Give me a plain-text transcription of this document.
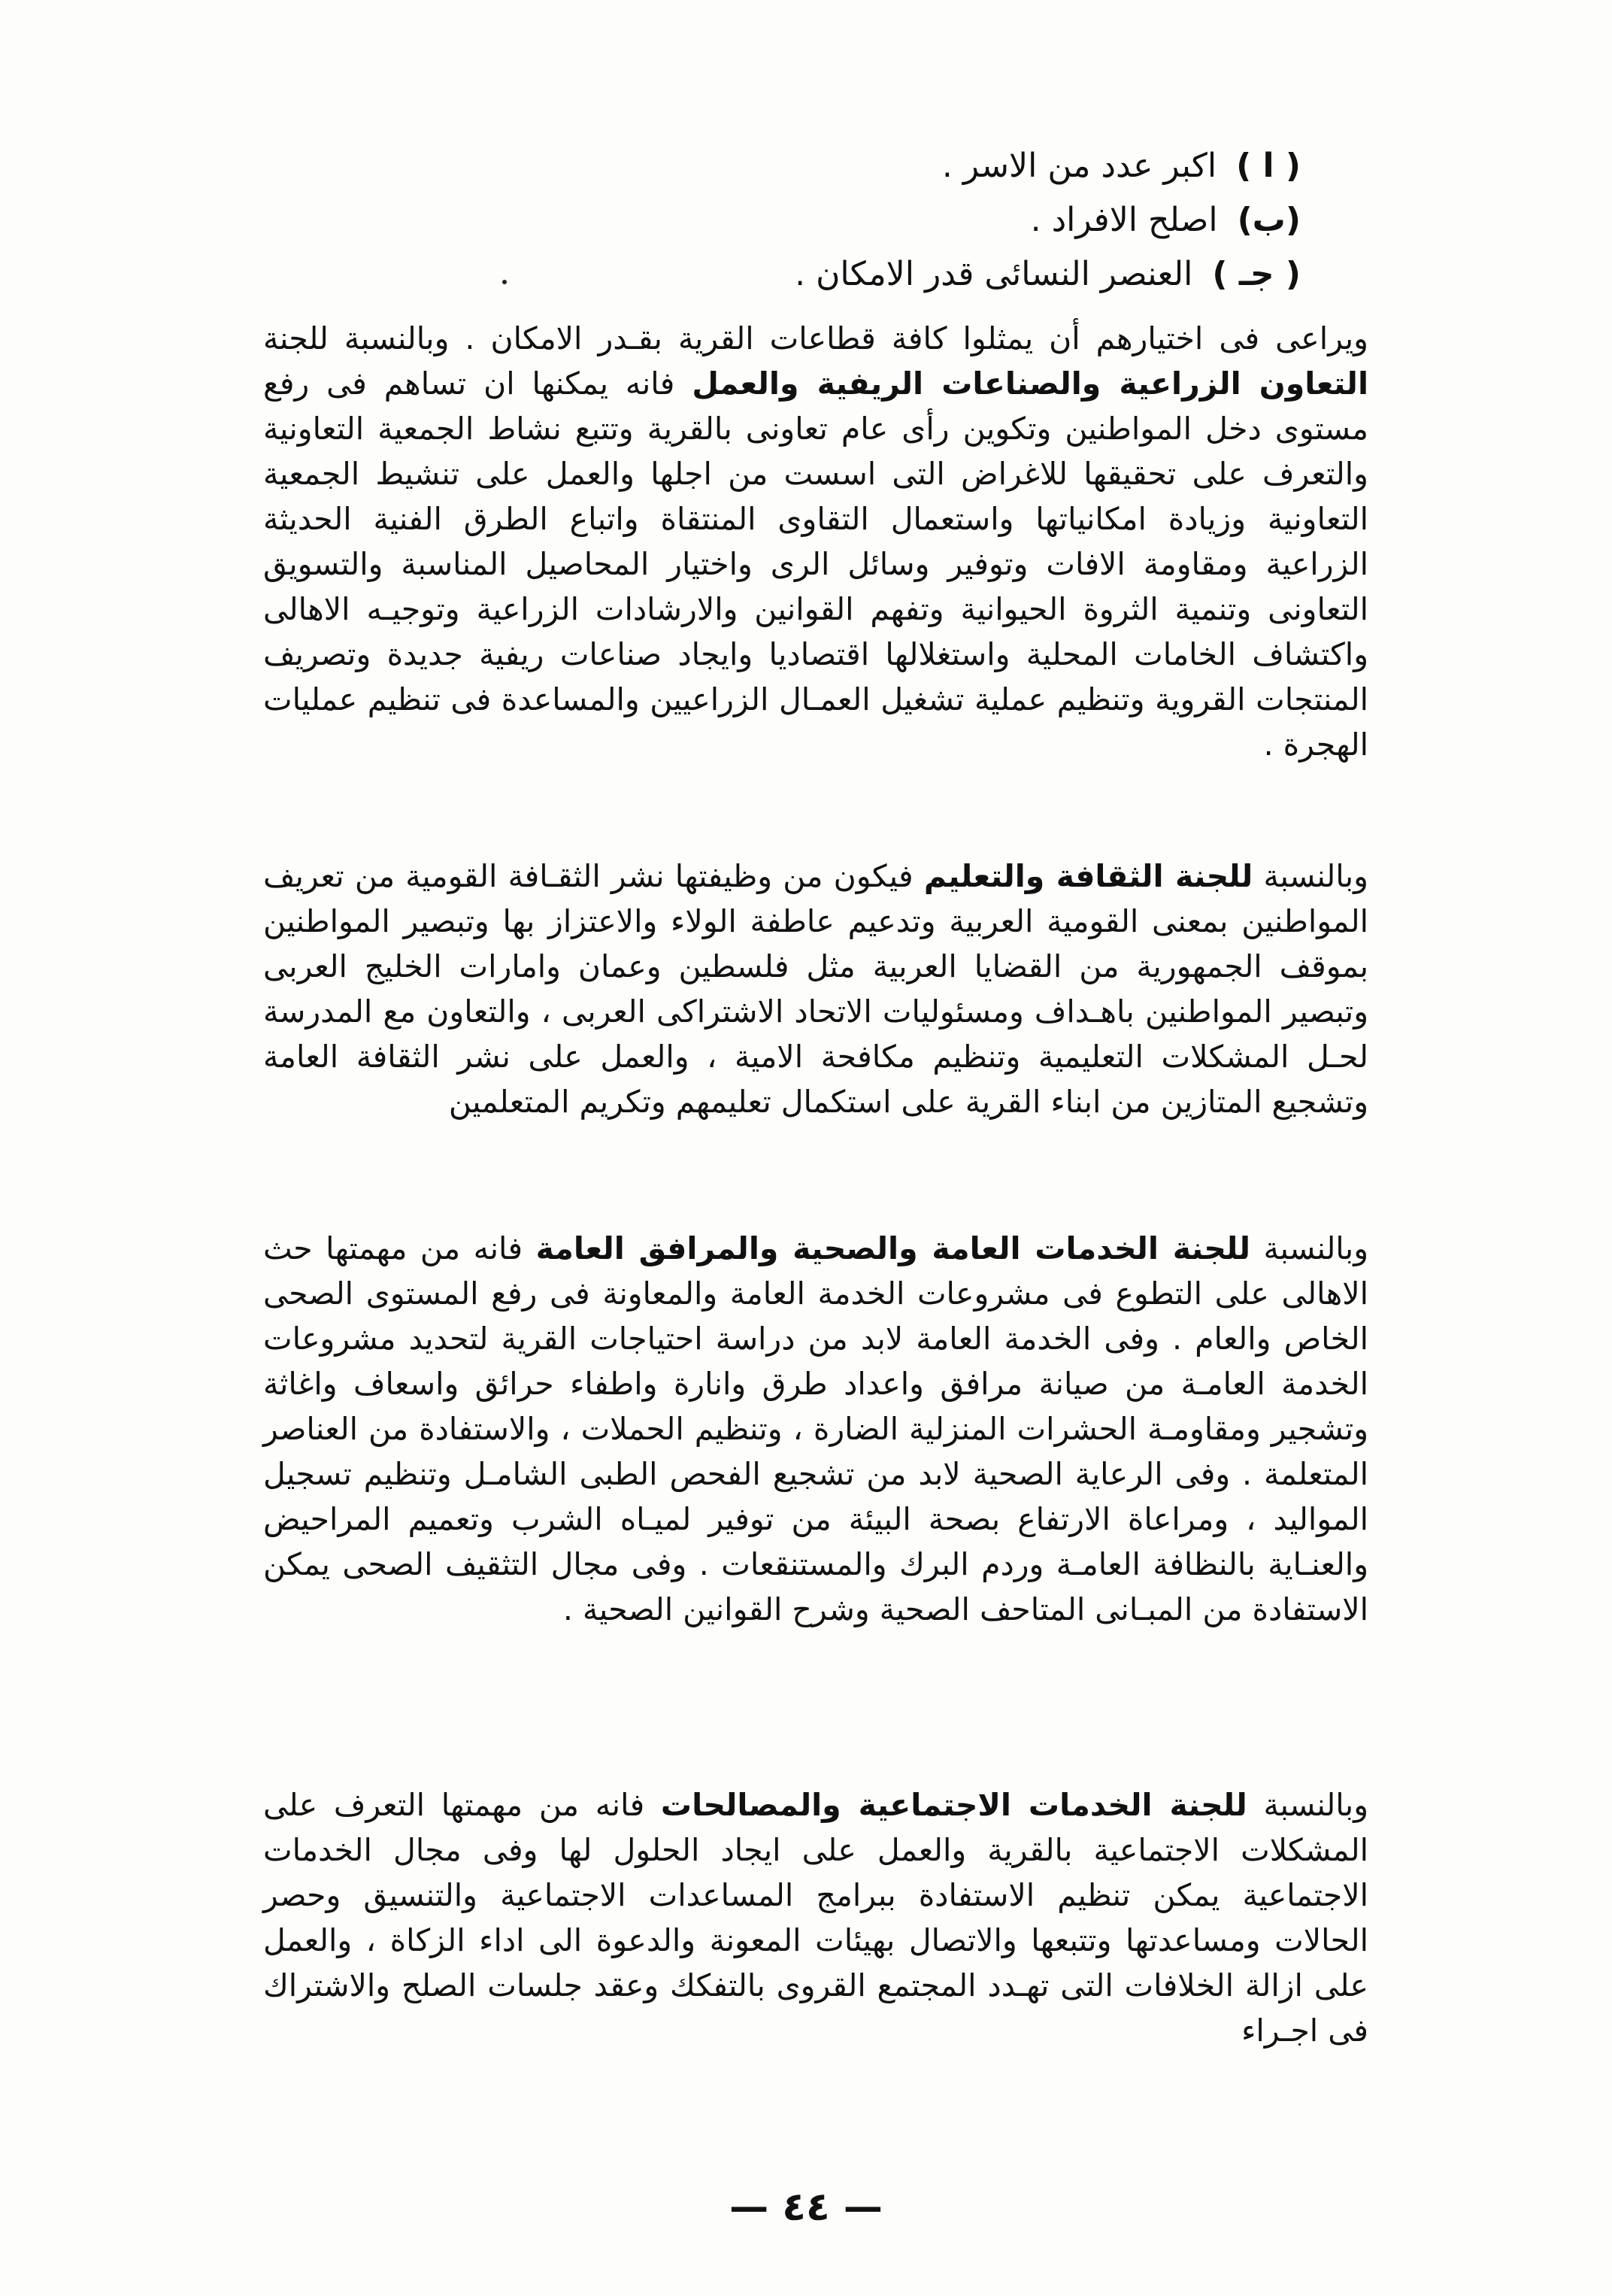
( ا ) اكبر عدد من الاسر .
(ب) اصلح الافراد .
( جـ ) العنصر النسائى قدر الامكان .
ويراعى فى اختيارهم أن يمثلوا كافة قطاعات القرية بقـدر الامكان . وبالنسبة للجنة التعاون الزراعية والصناعات الريفية والعمل فانه يمكنها ان تساهم فى رفع مستوى دخل المواطنين وتكوين رأى عام تعاونى بالقرية وتتبع نشاط الجمعية التعاونية والتعرف على تحقيقها للاغراض التى اسست من اجلها والعمل على تنشيط الجمعية التعاونية وزيادة امكانياتها واستعمال التقاوى المنتقاة واتباع الطرق الفنية الحديثة الزراعية ومقاومة الافات وتوفير وسائل الرى واختيار المحاصيل المناسبة والتسويق التعاونى وتنمية الثروة الحيوانية وتفهم القوانين والارشادات الزراعية وتوجيـه الاهالى واكتشاف الخامات المحلية واستغلالها اقتصاديا وايجاد صناعات ريفية جديدة وتصريف المنتجات القروية وتنظيم عملية تشغيل العمـال الزراعيين والمساعدة فى تنظيم عمليات الهجرة .
وبالنسبة للجنة الثقافة والتعليم فيكون من وظيفتها نشر الثقـافة القومية من تعريف المواطنين بمعنى القومية العربية وتدعيم عاطفة الولاء والاعتزاز بها وتبصير المواطنين بموقف الجمهورية من القضايا العربية مثل فلسطين وعمان وامارات الخليج العربى وتبصير المواطنين باهـداف ومسئوليات الاتحاد الاشتراكى العربى ، والتعاون مع المدرسة لحـل المشكلات التعليمية وتنظيم مكافحة الامية ، والعمل على نشر الثقافة العامة وتشجيع المتازين من ابناء القرية على استكمال تعليمهم وتكريم المتعلمين
وبالنسبة للجنة الخدمات العامة والصحية والمرافق العامة فانه من مهمتها حث الاهالى على التطوع فى مشروعات الخدمة العامة والمعاونة فى رفع المستوى الصحى الخاص والعام . وفى الخدمة العامة لابد من دراسة احتياجات القرية لتحديد مشروعات الخدمة العامـة من صيانة مرافق واعداد طرق وانارة واطفاء حرائق واسعاف واغاثة وتشجير ومقاومـة الحشرات المنزلية الضارة ، وتنظيم الحملات ، والاستفادة من العناصر المتعلمة . وفى الرعاية الصحية لابد من تشجيع الفحص الطبى الشامـل وتنظيم تسجيل المواليد ، ومراعاة الارتفاع بصحة البيئة من توفير لميـاه الشرب وتعميم المراحيض والعنـاية بالنظافة العامـة وردم البرك والمستنقعات . وفى مجال التثقيف الصحى يمكن الاستفادة من المبـانى المتاحف الصحية وشرح القوانين الصحية .
وبالنسبة للجنة الخدمات الاجتماعية والمصالحات فانه من مهمتها التعرف على المشكلات الاجتماعية بالقرية والعمل على ايجاد الحلول لها وفى مجال الخدمات الاجتماعية يمكن تنظيم الاستفادة ببرامج المساعدات الاجتماعية والتنسيق وحصر الحالات ومساعدتها وتتبعها والاتصال بهيئات المعونة والدعوة الى اداء الزكاة ، والعمل على ازالة الخلافات التى تهـدد المجتمع القروى بالتفكك وعقد جلسات الصلح والاشتراك فى اجـراء
— ٤٤ —
